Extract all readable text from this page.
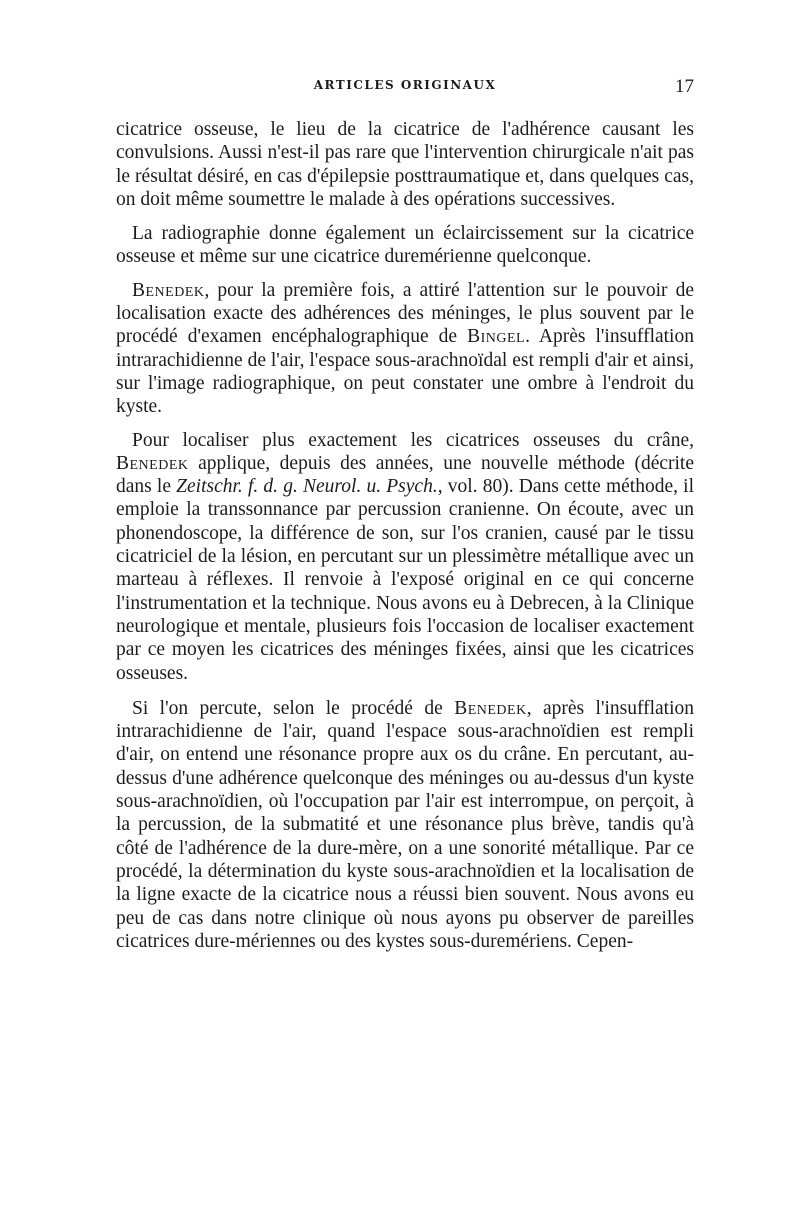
ARTICLES ORIGINAUX	17

cicatrice osseuse, le lieu de la cicatrice de l'adhérence causant les convulsions. Aussi n'est-il pas rare que l'intervention chirurgicale n'ait pas le résultat désiré, en cas d'épilepsie posttraumatique et, dans quelques cas, on doit même soumettre le malade à des opérations successives.

La radiographie donne également un éclaircissement sur la cicatrice osseuse et même sur une cicatrice duremérienne quelconque.

Benedek, pour la première fois, a attiré l'attention sur le pouvoir de localisation exacte des adhérences des méninges, le plus souvent par le procédé d'examen encéphalographique de Bingel. Après l'insufflation intrarachidienne de l'air, l'espace sous-arachnoïdal est rempli d'air et ainsi, sur l'image radiographique, on peut constater une ombre à l'endroit du kyste.

Pour localiser plus exactement les cicatrices osseuses du crâne, Benedek applique, depuis des années, une nouvelle méthode (décrite dans le Zeitschr. f. d. g. Neurol. u. Psych., vol. 80). Dans cette méthode, il emploie la transsonnance par percussion cranienne. On écoute, avec un phonendoscope, la différence de son, sur l'os cranien, causé par le tissu cicatriciel de la lésion, en percutant sur un plessimètre métallique avec un marteau à réflexes. Il renvoie à l'exposé original en ce qui concerne l'instrumentation et la technique. Nous avons eu à Debrecen, à la Clinique neurologique et mentale, plusieurs fois l'occasion de localiser exactement par ce moyen les cicatrices des méninges fixées, ainsi que les cicatrices osseuses.

Si l'on percute, selon le procédé de Benedek, après l'insufflation intrarachidienne de l'air, quand l'espace sous-arachnoïdien est rempli d'air, on entend une résonance propre aux os du crâne. En percutant, au-dessus d'une adhérence quelconque des méninges ou au-dessus d'un kyste sous-arachnoïdien, où l'occupation par l'air est interrompue, on perçoit, à la percussion, de la submatité et une résonance plus brève, tandis qu'à côté de l'adhérence de la dure-mère, on a une sonorité métallique. Par ce procédé, la détermination du kyste sous-arachnoïdien et la localisation de la ligne exacte de la cicatrice nous a réussi bien souvent. Nous avons eu peu de cas dans notre clinique où nous ayons pu observer de pareilles cicatrices dure-mériennes ou des kystes sous-duremériens. Cepen-
